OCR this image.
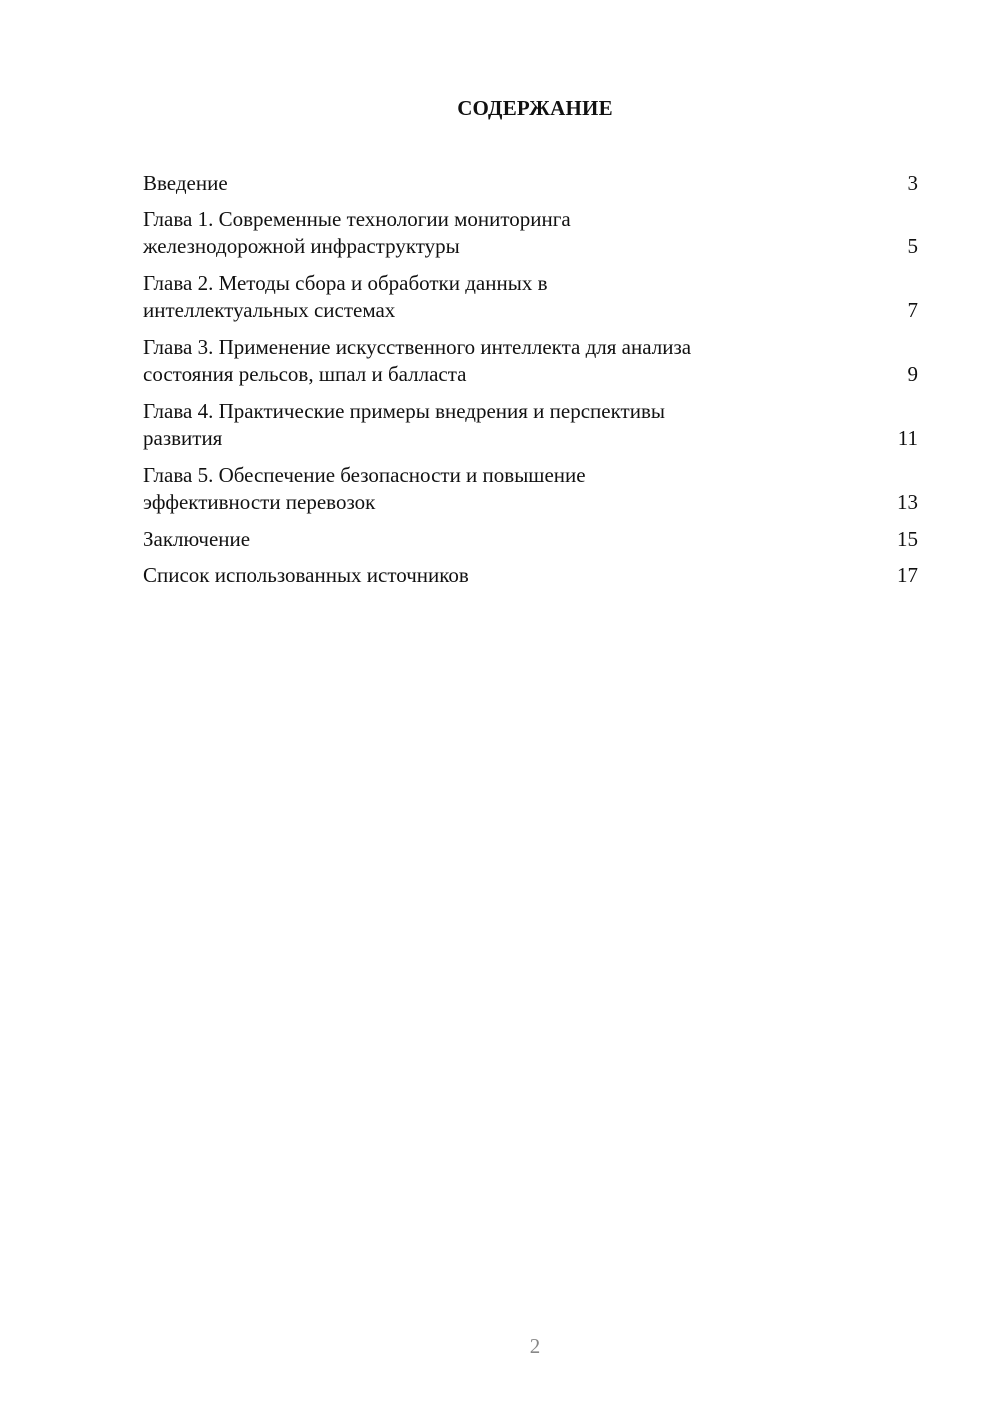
СОДЕРЖАНИЕ
Введение	3
Глава 1. Современные технологии мониторинга
железнодорожной инфраструктуры	5
Глава 2. Методы сбора и обработки данных в
интеллектуальных системах	7
Глава 3. Применение искусственного интеллекта для анализа
состояния рельсов, шпал и балласта	9
Глава 4. Практические примеры внедрения и перспективы
развития	11
Глава 5. Обеспечение безопасности и повышение
эффективности перевозок	13
Заключение	15
Список использованных источников	17
2
